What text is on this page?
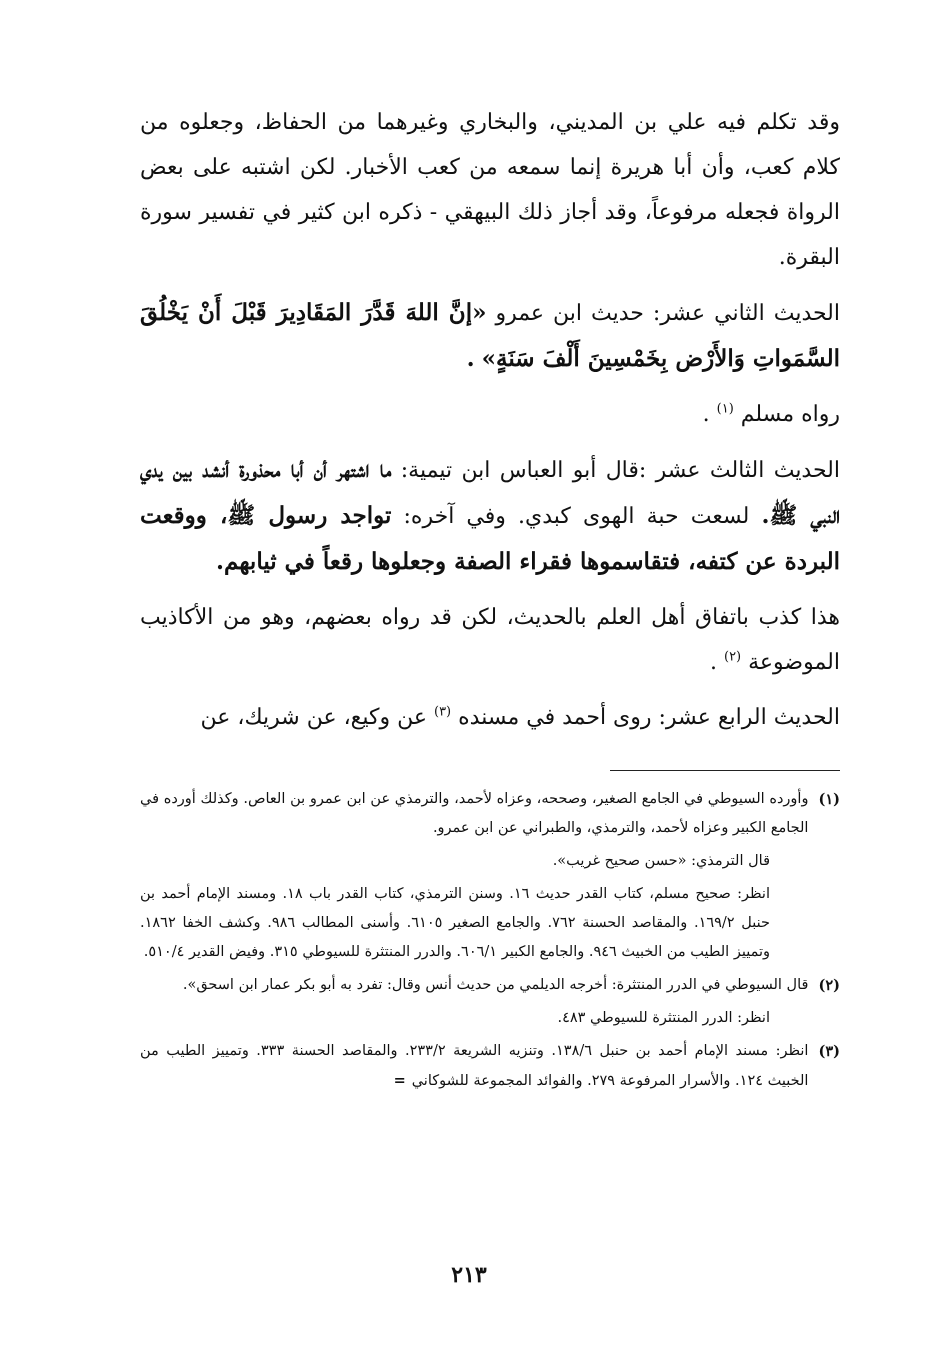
وقد تكلم فيه علي بن المديني، والبخاري وغيرهما من الحفاظ، وجعلوه من كلام كعب، وأن أبا هريرة إنما سمعه من كعب الأخبار. لكن اشتبه على بعض الرواة فجعله مرفوعاً، وقد أجاز ذلك البيهقي - ذكره ابن كثير في تفسير سورة البقرة.

الحديث الثاني عشر: حديث ابن عمرو «إنَّ اللهَ قَدَّرَ المَقَادِيرَ قَبْلَ أَنْ يَخْلُقَ السَّمَواتِ وَالأَرْض بِخَمْسِينَ أَلْفَ سَنَةٍ» .

رواه مسلم $^{(١)}$ .

الحديث الثالث عشر :قال أبو العباس ابن تيمية: ما اشتهر أن أبا محذورة أنشد بين يدي النبي ﷺ. لسعت حبة الهوى كبدي. وفي آخره: تواجد رسول ﷺ، ووقعت البردة عن كتفه، فتقاسموها فقراء الصفة وجعلوها رقعاً في ثيابهم.

هذا كذب باتفاق أهل العلم بالحديث، لكن قد رواه بعضهم، وهو من الأكاذيب الموضوعة $^{(٢)}$ .

الحديث الرابع عشر: روى أحمد في مسنده $^{(٣)}$ عن وكيع، عن شريك، عن

(١)
وأورده السيوطي في الجامع الصغير، وصححه، وعزاه لأحمد، والترمذي عن ابن عمرو بن العاص. وكذلك أورده في الجامع الكبير وعزاه لأحمد، والترمذي، والطبراني عن ابن عمرو.
قال الترمذي: «حسن صحيح غريب».
انظر: صحيح مسلم، كتاب القدر حديث ١٦. وسنن الترمذي، كتاب القدر باب ١٨. ومسند الإمام أحمد بن حنبل ١٦٩/٢. والمقاصد الحسنة ٧٦٢. والجامع الصغير ٦١٠٥. وأسنى المطالب ٩٨٦. وكشف الخفا ١٨٦٢. وتمييز الطيب من الخبيث ٩٤٦. والجامع الكبير ٦٠٦/١. والدرر المنتثرة للسيوطي ٣١٥. وفيض القدير ٥١٠/٤.
(٢)
قال السيوطي في الدرر المنتثرة: أخرجه الديلمي من حديث أنس وقال: تفرد به أبو بكر عمار ابن اسحق».
انظر: الدرر المنتثرة للسيوطي ٤٨٣.
(٣)
انظر: مسند الإمام أحمد بن حنبل ١٣٨/٦. وتنزيه الشريعة ٢٣٣/٢. والمقاصد الحسنة ٣٣٣. وتمييز الطيب من الخبيث ١٢٤. والأسرار المرفوعة ٢٧٩. والفوائد المجموعة للشوكاني=
٢١٣
